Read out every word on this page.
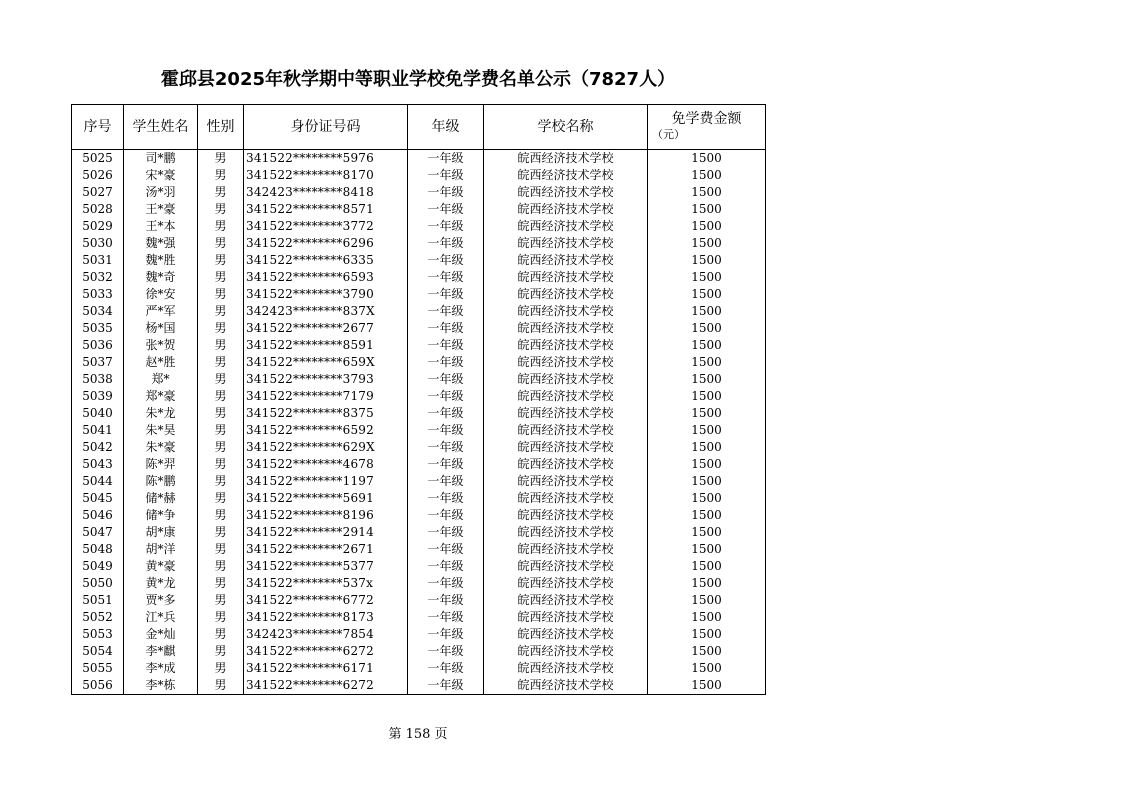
霍邱县2025年秋学期中等职业学校免学费名单公示（7827人）
序号	学生姓名	性别	身份证号码	年级	学校名称	免学费金额
（元）

5025	司*鹏	男	341522********5976	一年级	皖西经济技术学校	1500
5026	宋*豪	男	341522********8170	一年级	皖西经济技术学校	1500
5027	汤*羽	男	342423********8418	一年级	皖西经济技术学校	1500
5028	王*豪	男	341522********8571	一年级	皖西经济技术学校	1500
5029	王*本	男	341522********3772	一年级	皖西经济技术学校	1500
5030	魏*强	男	341522********6296	一年级	皖西经济技术学校	1500
5031	魏*胜	男	341522********6335	一年级	皖西经济技术学校	1500
5032	魏*奇	男	341522********6593	一年级	皖西经济技术学校	1500
5033	徐*安	男	341522********3790	一年级	皖西经济技术学校	1500
5034	严*军	男	342423********837X	一年级	皖西经济技术学校	1500
5035	杨*国	男	341522********2677	一年级	皖西经济技术学校	1500
5036	张*贺	男	341522********8591	一年级	皖西经济技术学校	1500
5037	赵*胜	男	341522********659X	一年级	皖西经济技术学校	1500
5038	郑*	男	341522********3793	一年级	皖西经济技术学校	1500
5039	郑*豪	男	341522********7179	一年级	皖西经济技术学校	1500
5040	朱*龙	男	341522********8375	一年级	皖西经济技术学校	1500
5041	朱*昊	男	341522********6592	一年级	皖西经济技术学校	1500
5042	朱*豪	男	341522********629X	一年级	皖西经济技术学校	1500
5043	陈*羿	男	341522********4678	一年级	皖西经济技术学校	1500
5044	陈*鹏	男	341522********1197	一年级	皖西经济技术学校	1500
5045	储*赫	男	341522********5691	一年级	皖西经济技术学校	1500
5046	储*争	男	341522********8196	一年级	皖西经济技术学校	1500
5047	胡*康	男	341522********2914	一年级	皖西经济技术学校	1500
5048	胡*洋	男	341522********2671	一年级	皖西经济技术学校	1500
5049	黄*豪	男	341522********5377	一年级	皖西经济技术学校	1500
5050	黄*龙	男	341522********537x	一年级	皖西经济技术学校	1500
5051	贾*多	男	341522********6772	一年级	皖西经济技术学校	1500
5052	江*兵	男	341522********8173	一年级	皖西经济技术学校	1500
5053	金*灿	男	342423********7854	一年级	皖西经济技术学校	1500
5054	李*麒	男	341522********6272	一年级	皖西经济技术学校	1500
5055	李*成	男	341522********6171	一年级	皖西经济技术学校	1500
5056	李*栋	男	341522********6272	一年级	皖西经济技术学校	1500
第 158 页
